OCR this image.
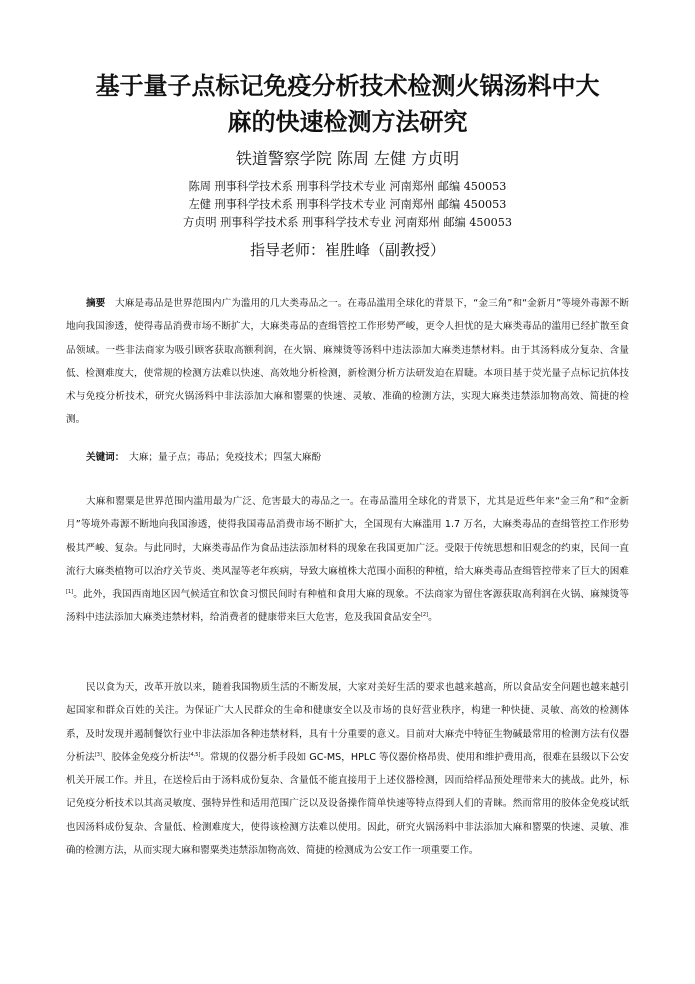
基于量子点标记免疫分析技术检测火锅汤料中大
麻的快速检测方法研究
铁道警察学院 陈周 左健 方贞明
陈周 刑事科学技术系 刑事科学技术专业 河南郑州 邮编 450053
左健 刑事科学技术系 刑事科学技术专业 河南郑州 邮编 450053
方贞明 刑事科学技术系 刑事科学技术专业 河南郑州 邮编 450053
指导老师：崔胜峰（副教授）

摘要　 大麻是毒品是世界范围内广为滥用的几大类毒品之一。在毒品滥用全球化的背景下，“金三角”和“金新月”等境外毒源不断地向我国渗透，使得毒品消费市场不断扩大，大麻类毒品的查缉管控工作形势严峻，更令人担忧的是大麻类毒品的滥用已经扩散至食品领域。一些非法商家为吸引顾客获取高额利润，在火锅、麻辣烫等汤料中违法添加大麻类违禁材料。由于其汤料成分复杂、含量低、检测难度大，使常规的检测方法难以快速、高效地分析检测，新检测分析方法研发迫在眉睫。本项目基于荧光量子点标记抗体技术与免疫分析技术，研究火锅汤料中非法添加大麻和罂粟的快速、灵敏、准确的检测方法，实现大麻类违禁添加物高效、简捷的检测。

关键词：  大麻；量子点；毒品；免疫技术；四氢大麻酚

大麻和罂粟是世界范围内滥用最为广泛、危害最大的毒品之一。在毒品滥用全球化的背景下，尤其是近些年来“金三角”和“金新月”等境外毒源不断地向我国渗透，使得我国毒品消费市场不断扩大，全国现有大麻滥用 1.7 万名，大麻类毒品的查缉管控工作形势极其严峻、复杂。与此同时，大麻类毒品作为食品违法添加材料的现象在我国更加广泛。受限于传统思想和旧观念的约束，民间一直流行大麻类植物可以治疗关节炎、类风湿等老年疾病，导致大麻植株大范围小面积的种植，给大麻类毒品查缉管控带来了巨大的困难[1]。此外，我国西南地区因气候适宜和饮食习惯民间时有种植和食用大麻的现象。不法商家为留住客源获取高利润在火锅、麻辣烫等汤料中违法添加大麻类违禁材料，给消费者的健康带来巨大危害，危及我国食品安全[2]。

民以食为天，改革开放以来，随着我国物质生活的不断发展，大家对美好生活的要求也越来越高，所以食品安全问题也越来越引起国家和群众百姓的关注。为保证广大人民群众的生命和健康安全以及市场的良好营业秩序，构建一种快捷、灵敏、高效的检测体系，及时发现并遏制餐饮行业中非法添加各种违禁材料，具有十分重要的意义。目前对大麻壳中特征生物碱最常用的检测方法有仪器分析法[3]、胶体金免疫分析法[4,5]。常规的仪器分析手段如 GC-MS，HPLC 等仪器价格昂贵、使用和维护费用高，很难在县级以下公安机关开展工作。并且，在送检后由于汤料成份复杂、含量低不能直接用于上述仪器检测，因而给样品预处理带来大的挑战。此外，标记免疫分析技术以其高灵敏度、强特异性和适用范围广泛以及设备操作简单快速等特点得到人们的青睐。然而常用的胶体金免疫试纸也因汤料成份复杂、含量低、检测难度大，使得该检测方法难以使用。因此，研究火锅汤料中非法添加大麻和罂粟的快速、灵敏、准确的检测方法，从而实现大麻和罂粟类违禁添加物高效、简捷的检测成为公安工作一项重要工作。
